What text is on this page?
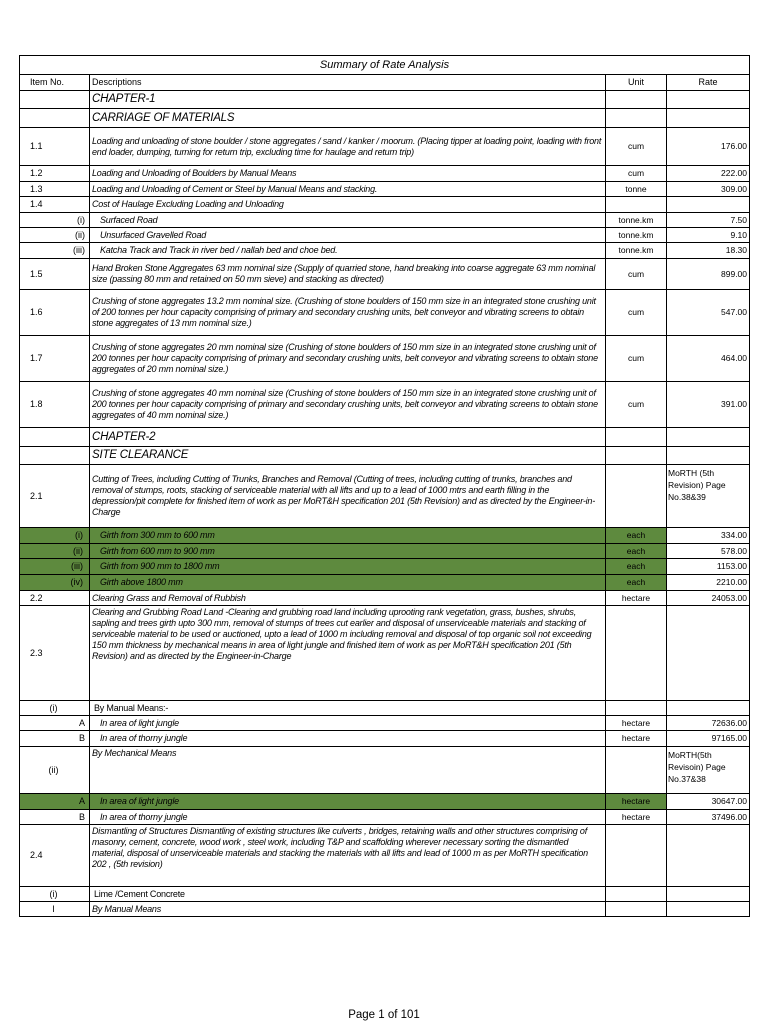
Summary of Rate Analysis			
Item No.	Descriptions	Unit	Rate
	CHAPTER-1		
	CARRIAGE OF MATERIALS		
1.1	Loading and unloading of stone boulder / stone aggregates / sand / kanker / moorum. (Placing tipper at loading point, loading with front end loader, dumping, turning for return trip, excluding time for haulage and return trip)	cum	176.00
1.2	Loading and Unloading of Boulders by Manual Means	cum	222.00
1.3	Loading and Unloading of Cement or Steel by Manual Means and stacking.	tonne	309.00
1.4	Cost of Haulage Excluding Loading and Unloading		
(i)	Surfaced Road	tonne.km	7.50
(ii)	Unsurfaced Gravelled Road	tonne.km	9.10
(iii)	Katcha Track and Track in river bed / nallah bed and choe bed.	tonne.km	18.30
1.5	Hand Broken Stone Aggregates 63 mm nominal size (Supply of quarried stone, hand breaking into coarse aggregate 63 mm nominal size (passing 80 mm and retained on 50 mm sieve) and stacking as directed)	cum	899.00
1.6	Crushing of stone aggregates 13.2 mm nominal size. (Crushing of stone boulders of 150 mm size in an integrated stone crushing unit of 200 tonnes per hour capacity comprising of primary and secondary crushing units, belt conveyor and vibrating screens to obtain stone aggregates of 13 mm nominal size.)	cum	547.00
1.7	Crushing of stone aggregates 20 mm nominal size (Crushing of stone boulders of 150 mm size in an integrated stone crushing unit of 200 tonnes per hour capacity comprising of primary and secondary crushing units, belt conveyor and vibrating screens to obtain stone aggregates of 20 mm nominal size.)	cum	464.00
1.8	Crushing of stone aggregates 40 mm nominal size (Crushing of stone boulders of 150 mm size in an integrated stone crushing unit of 200 tonnes per hour capacity comprising of primary and secondary crushing units, belt conveyor and vibrating screens to obtain stone aggregates of 40 mm nominal size.)	cum	391.00
	CHAPTER-2		
	SITE CLEARANCE		
2.1	Cutting of Trees, including Cutting of Trunks, Branches and Removal (Cutting of trees, including cutting of trunks, branches and removal of stumps, roots, stacking of serviceable material with all lifts and up to a lead of 1000 mtrs and earth filling in the depression/pit complete for finished item of work as per MoRT&H specification 201 (5th Revision) and as directed by the Engineer-in-Charge		MoRTH (5th Revision) Page No.38&39
(i)	Girth from 300 mm to 600 mm	each	334.00
(ii)	Girth from 600 mm to 900 mm	each	578.00
(iii)	Girth from 900 mm to 1800 mm	each	1153.00
(iv)	Girth above 1800 mm	each	2210.00
2.2	Clearing Grass and Removal of Rubbish	hectare	24053.00
2.3	Clearing and Grubbing Road Land -Clearing and grubbing road land including uprooting rank vegetation, grass, bushes, shrubs, sapling and trees girth upto 300 mm, removal of stumps of trees cut earlier and disposal of unserviceable materials and stacking of serviceable material to be used or auctioned, upto a lead of 1000 m including removal and disposal of top organic soil not exceeding 150 mm thickness by mechanical means in area of light jungle and finished item of work as per MoRT&H specification 201 (5th Revision) and as directed by the Engineer-in-Charge		
(i)	By Manual Means:-		
A	In area of light jungle	hectare	72636.00
B	In area of thorny jungle	hectare	97165.00
(ii)	By Mechanical Means		MoRTH(5th Revisoin) Page No.37&38
A	In area of light jungle	hectare	30647.00
B	In area of thorny jungle	hectare	37496.00
2.4	Dismantling of Structures Dismantling of existing structures like culverts , bridges, retaining walls and other structures comprising of masonry, cement, concrete, wood work , steel work, including T&P and scaffolding wherever necessary sorting the dismantled material, disposal of unserviceable materials and stacking the materials with all lifts and lead of 1000 m as per MoRTH specification 202 , (5th revision)		
(i)	Lime /Cement Concrete		
I	By Manual Means		
Page 1 of 101
